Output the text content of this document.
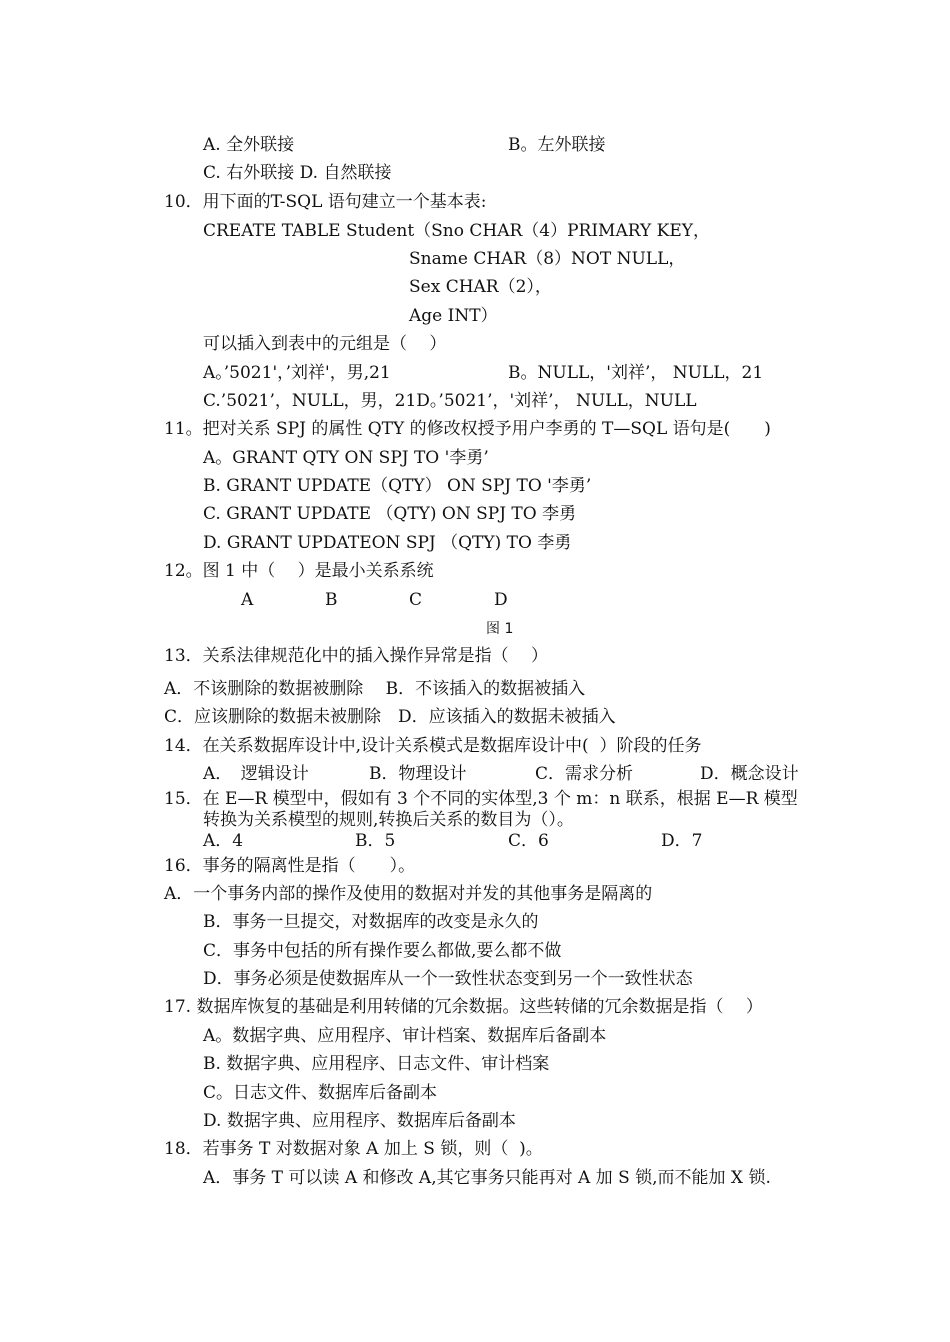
A. 全外联接	B。左外联接
C. 右外联接 D. 自然联接
10．用下面的T-SQL 语句建立一个基本表:
CREATE TABLE Student（Sno CHAR（4）PRIMARY KEY，
Sname CHAR（8）NOT NULL，
Sex CHAR（2），
Age INT）
可以插入到表中的元组是（　 ）
A。’5021'，’刘祥'，男,21	B。NULL，'刘祥’， NULL，21
C.’5021’，NULL，男，21D。’5021’，'刘祥’， NULL，NULL
11。把对关系 SPJ 的属性 QTY 的修改权授予用户李勇的 T—SQL 语句是(　　)
A。GRANT QTY ON SPJ TO '李勇’
B. GRANT UPDATE（QTY） ON SPJ TO '李勇’
C. GRANT UPDATE （QTY) ON SPJ TO 李勇
D. GRANT UPDATEON SPJ （QTY) TO 李勇
12。图 1 中（　 ）是最小关系系统
A	B	C	D
图 1
13．关系法律规范化中的插入操作异常是指（　 ）
A．不该删除的数据被删除　 B．不该插入的数据被插入
C．应该删除的数据未被删除　D．应该插入的数据未被插入
14．在关系数据库设计中,设计关系模式是数据库设计中(  ）阶段的任务
A．　逻辑设计	B．物理设计	C．需求分析	D．概念设计
15．在 E—R 模型中，假如有 3 个不同的实体型,3 个 m：n 联系，根据 E—R 模型
转换为关系模型的规则,转换后关系的数目为（）。
A．4	B．5	C．6	D．7
16．事务的隔离性是指（　　）。
A．一个事务内部的操作及使用的数据对并发的其他事务是隔离的
B．事务一旦提交，对数据库的改变是永久的
C．事务中包括的所有操作要么都做,要么都不做
D．事务必须是使数据库从一个一致性状态变到另一个一致性状态
17. 数据库恢复的基础是利用转储的冗余数据。这些转储的冗余数据是指（　 ）
A。数据字典、应用程序、审计档案、数据库后备副本
B. 数据字典、应用程序、日志文件、审计档案
C。日志文件、数据库后备副本
D. 数据字典、应用程序、数据库后备副本
18．若事务 T 对数据对象 A 加上 S 锁，则（  )。
A．事务 T 可以读 A 和修改 A,其它事务只能再对 A 加 S 锁,而不能加 X 锁.
